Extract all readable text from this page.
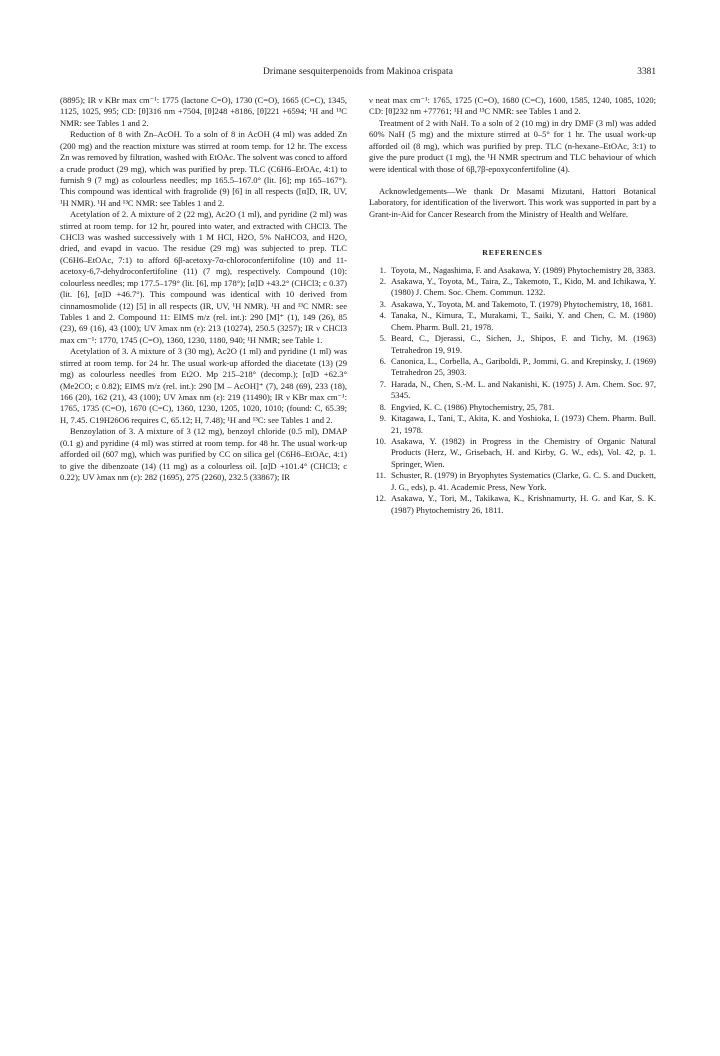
Drimane sesquiterpenoids from Makinoa crispata	3381

(8895); IR ν KBr max cm⁻¹: 1775 (lactone C=O), 1730 (C=O), 1665 (C=C), 1345, 1125, 1025, 995; CD: [θ]316 nm +7504, [θ]248 +8186, [θ]221 +6594; ¹H and ¹³C NMR: see Tables 1 and 2.

Reduction of 8 with Zn–AcOH. To a soln of 8 in AcOH (4 ml) was added Zn (200 mg) and the reaction mixture was stirred at room temp. for 12 hr. The excess Zn was removed by filtration, washed with EtOAc. The solvent was concd to afford a crude product (29 mg), which was purified by prep. TLC (C6H6–EtOAc, 4:1) to furnish 9 (7 mg) as colourless needles; mp 165.5–167.0° (lit. [6]; mp 165–167°). This compound was identical with fragrolide (9) [6] in all respects ([α]D, IR, UV, ¹H NMR). ¹H and ¹³C NMR: see Tables 1 and 2.

Acetylation of 2. A mixture of 2 (22 mg), Ac2O (1 ml), and pyridine (2 ml) was stirred at room temp. for 12 hr, poured into water, and extracted with CHCl3. The CHCl3 was washed successively with 1 M HCl, H2O, 5% NaHCO3, and H2O, dried, and evapd in vacuo. The residue (29 mg) was subjected to prep. TLC (C6H6–EtOAc, 7:1) to afford 6β-acetoxy-7α-chloroconfertifoline (10) and 11-acetoxy-6,7-dehydroconfertifoline (11) (7 mg), respectively. Compound (10): colourless needles; mp 177.5–179° (lit. [6], mp 178°); [α]D +43.2° (CHCl3; c 0.37) (lit. [6], [α]D +46.7°). This compound was identical with 10 derived from cinnamosmolide (12) [5] in all respects (IR, UV, ¹H NMR). ¹H and ¹³C NMR: see Tables 1 and 2. Compound 11: EIMS m/z (rel. int.): 290 [M]⁺ (1), 149 (26), 85 (23), 69 (16), 43 (100); UV λmax nm (ε): 213 (10274), 250.5 (3257); IR ν CHCl3 max cm⁻¹: 1770, 1745 (C=O), 1360, 1230, 1180, 940; ¹H NMR; see Table 1.

Acetylation of 3. A mixture of 3 (30 mg), Ac2O (1 ml) and pyridine (1 ml) was stirred at room temp. for 24 hr. The usual work-up afforded the diacetate (13) (29 mg) as colourless needles from Et2O. Mp 215–218° (decomp.); [α]D +62.3° (Me2CO; c 0.82); EIMS m/z (rel. int.): 290 [M – AcOH]⁺ (7), 248 (69), 233 (18), 166 (20), 162 (21), 43 (100); UV λmax nm (ε): 219 (11490); IR ν KBr max cm⁻¹: 1765, 1735 (C=O), 1670 (C=C), 1360, 1230, 1205, 1020, 1010; (found: C, 65.39; H, 7.45. C19H26O6 requires C, 65.12; H, 7.48); ¹H and ¹³C: see Tables 1 and 2.

Benzoylation of 3. A mixture of 3 (12 mg), benzoyl chloride (0.5 ml), DMAP (0.1 g) and pyridine (4 ml) was stirred at room temp. for 48 hr. The usual work-up afforded oil (607 mg), which was purified by CC on silica gel (C6H6–EtOAc, 4:1) to give the dibenzoate (14) (11 mg) as a colourless oil. [α]D +101.4° (CHCl3; c 0.22); UV λmax nm (ε): 282 (1695), 275 (2260), 232.5 (33867); IR

ν neat max cm⁻¹: 1765, 1725 (C=O), 1680 (C=C), 1600, 1585, 1240, 1085, 1020; CD: [θ]232 nm +77761; ¹H and ¹³C NMR: see Tables 1 and 2.

Treatment of 2 with NaH. To a soln of 2 (10 mg) in dry DMF (3 ml) was added 60% NaH (5 mg) and the mixture stirred at 0–5° for 1 hr. The usual work-up afforded oil (8 mg), which was purified by prep. TLC (n-hexane–EtOAc, 3:1) to give the pure product (1 mg), the ¹H NMR spectrum and TLC behaviour of which were identical with those of 6β,7β-epoxyconfertifoline (4).

Acknowledgements—We thank Dr Masami Mizutani, Hattori Botanical Laboratory, for identification of the liverwort. This work was supported in part by a Grant-in-Aid for Cancer Research from the Ministry of Health and Welfare.

REFERENCES
1. Toyota, M., Nagashima, F. and Asakawa, Y. (1989) Phytochemistry 28, 3383.
2. Asakawa, Y., Toyota, M., Taira, Z., Takemoto, T., Kido, M. and Ichikawa, Y. (1980) J. Chem. Soc. Chem. Commun. 1232.
3. Asakawa, Y., Toyota, M. and Takemoto, T. (1979) Phytochemistry, 18, 1681.
4. Tanaka, N., Kimura, T., Murakami, T., Saiki, Y. and Chen, C. M. (1980) Chem. Pharm. Bull. 21, 1978.
5. Beard, C., Djerassi, C., Sichen, J., Shipos, F. and Tichy, M. (1963) Tetrahedron 19, 919.
6. Canonica, L., Corbella, A., Gariboldi, P., Jommi, G. and Krepinsky, J. (1969) Tetrahedron 25, 3903.
7. Harada, N., Chen, S.-M. L. and Nakanishi, K. (1975) J. Am. Chem. Soc. 97, 5345.
8. Engvied, K. C. (1986) Phytochemistry, 25, 781.
9. Kitagawa, I., Tani, T., Akita, K. and Yoshioka, I. (1973) Chem. Pharm. Bull. 21, 1978.
10. Asakawa, Y. (1982) in Progress in the Chemistry of Organic Natural Products (Herz, W., Grisebach, H. and Kirby, G. W., eds), Vol. 42, p. 1. Springer, Wien.
11. Schuster, R. (1979) in Bryophytes Systematics (Clarke, G. C. S. and Duckett, J. G., eds), p. 41. Academic Press, New York.
12. Asakawa, Y., Tori, M., Takikawa, K., Krishnamurty, H. G. and Kar, S. K. (1987) Phytochemistry 26, 1811.
